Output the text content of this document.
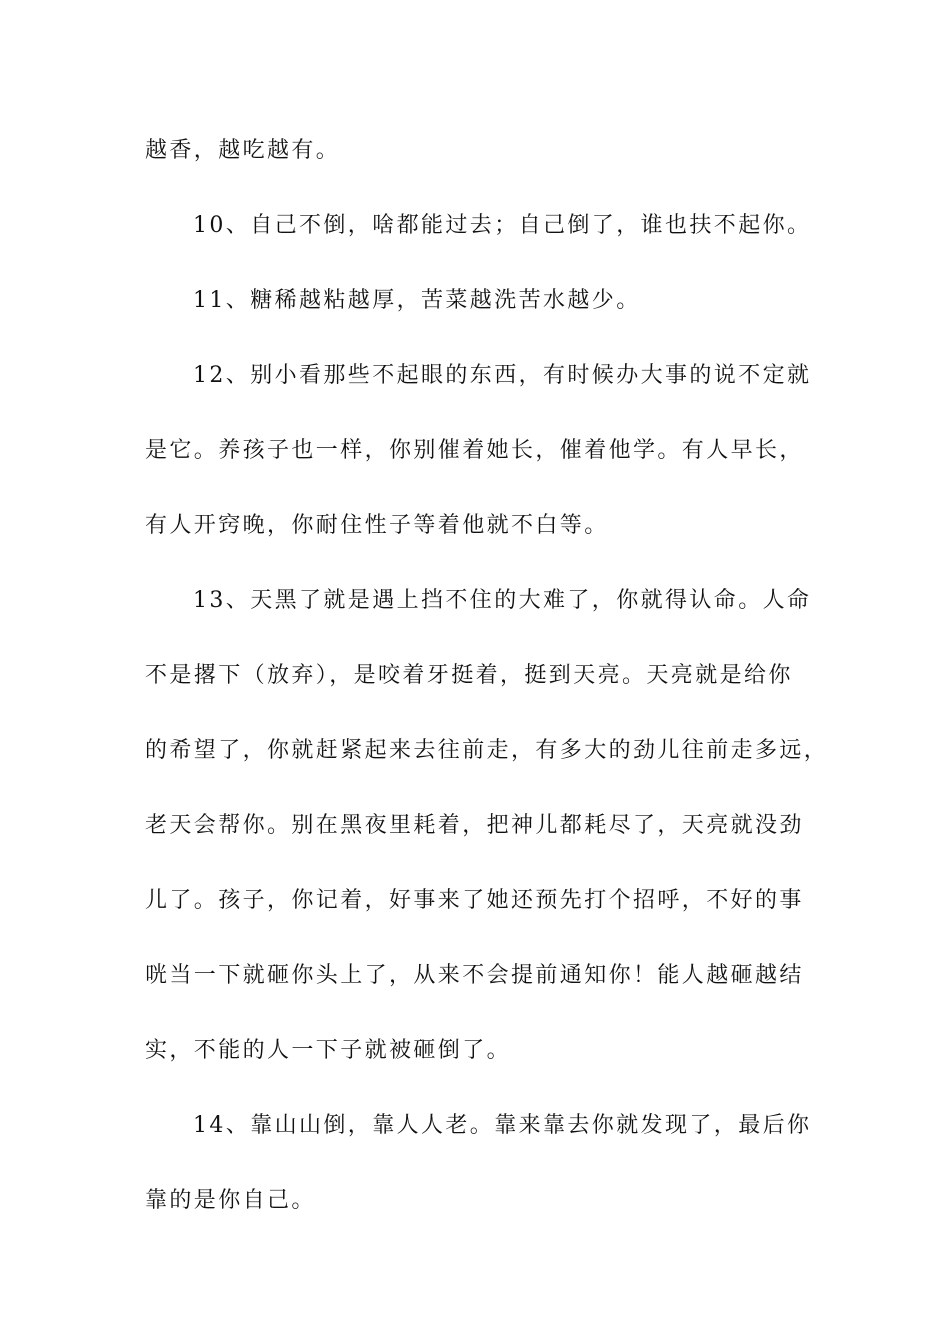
越香，越吃越有。
10、自己不倒，啥都能过去；自己倒了，谁也扶不起你。
11、糖稀越粘越厚，苦菜越洗苦水越少。
12、别小看那些不起眼的东西，有时候办大事的说不定就
是它。养孩子也一样，你别催着她长，催着他学。有人早长，
有人开窍晚，你耐住性子等着他就不白等。
13、天黑了就是遇上挡不住的大难了，你就得认命。人命
不是撂下（放弃），是咬着牙挺着，挺到天亮。天亮就是给你
的希望了，你就赶紧起来去往前走，有多大的劲儿往前走多远，
老天会帮你。别在黑夜里耗着，把神儿都耗尽了，天亮就没劲
儿了。孩子，你记着，好事来了她还预先打个招呼，不好的事
咣当一下就砸你头上了，从来不会提前通知你！能人越砸越结
实，不能的人一下子就被砸倒了。
14、靠山山倒，靠人人老。靠来靠去你就发现了，最后你
靠的是你自己。
